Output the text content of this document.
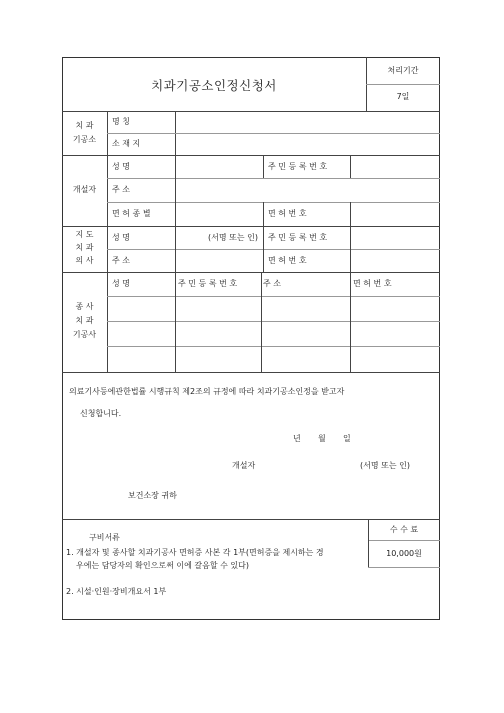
치과기공소인정신청서
처리기간
7일
치 과
기공소
명 칭
소 재 지
개설자
성 명	주 민 등 록 번 호
주 소
면 허 종 별	면 허 번 호
지 도
치 과
의 사
성 명	(서명 또는 인) 주 민 등 록 번 호
주 소	면 허 번 호
종 사
치 과
기공사
성 명	주 민 등 록 번 호	주 소	면 허 번 호
의료기사등에관한법률 시행규칙 제2조의 규정에 따라 치과기공소인정을 받고자
신청합니다.
년 월 일
개설자	(서명 또는 인)
보건소장 귀하
수 수 료
10,000원
구비서류
1. 개설자 및 종사할 치과기공사 면허증 사본 각 1부(면허증을 제시하는 경
우에는 담당자의 확인으로써 이에 갈음할 수 있다)
2. 시설·인원·장비개요서 1부
